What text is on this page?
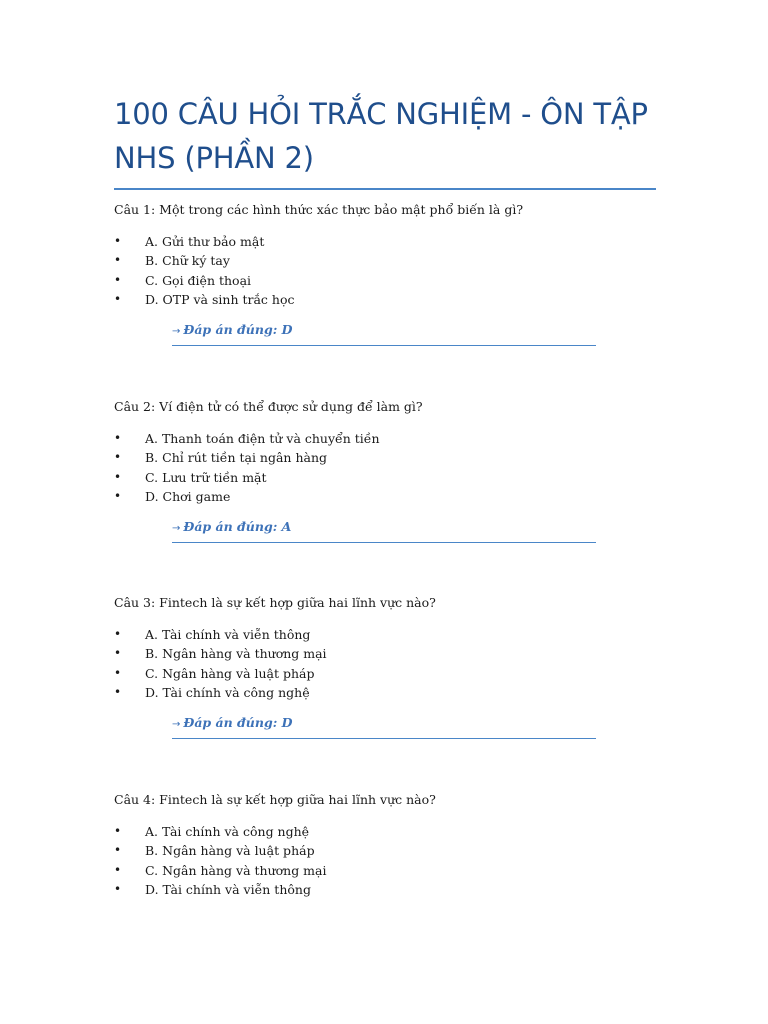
100 CÂU HỎI TRẮC NGHIỆM - ÔN TẬP NHS (PHẦN 2)

Câu 1: Một trong các hình thức xác thực bảo mật phổ biến là gì?

• A. Gửi thư bảo mật
• B. Chữ ký tay
• C. Gọi điện thoại
• D. OTP và sinh trắc học
→ Đáp án đúng: D

Câu 2: Ví điện tử có thể được sử dụng để làm gì?

• A. Thanh toán điện tử và chuyển tiền
• B. Chỉ rút tiền tại ngân hàng
• C. Lưu trữ tiền mặt
• D. Chơi game
→ Đáp án đúng: A

Câu 3: Fintech là sự kết hợp giữa hai lĩnh vực nào?

• A. Tài chính và viễn thông
• B. Ngân hàng và thương mại
• C. Ngân hàng và luật pháp
• D. Tài chính và công nghệ
→ Đáp án đúng: D

Câu 4: Fintech là sự kết hợp giữa hai lĩnh vực nào?

• A. Tài chính và công nghệ
• B. Ngân hàng và luật pháp
• C. Ngân hàng và thương mại
• D. Tài chính và viễn thông
